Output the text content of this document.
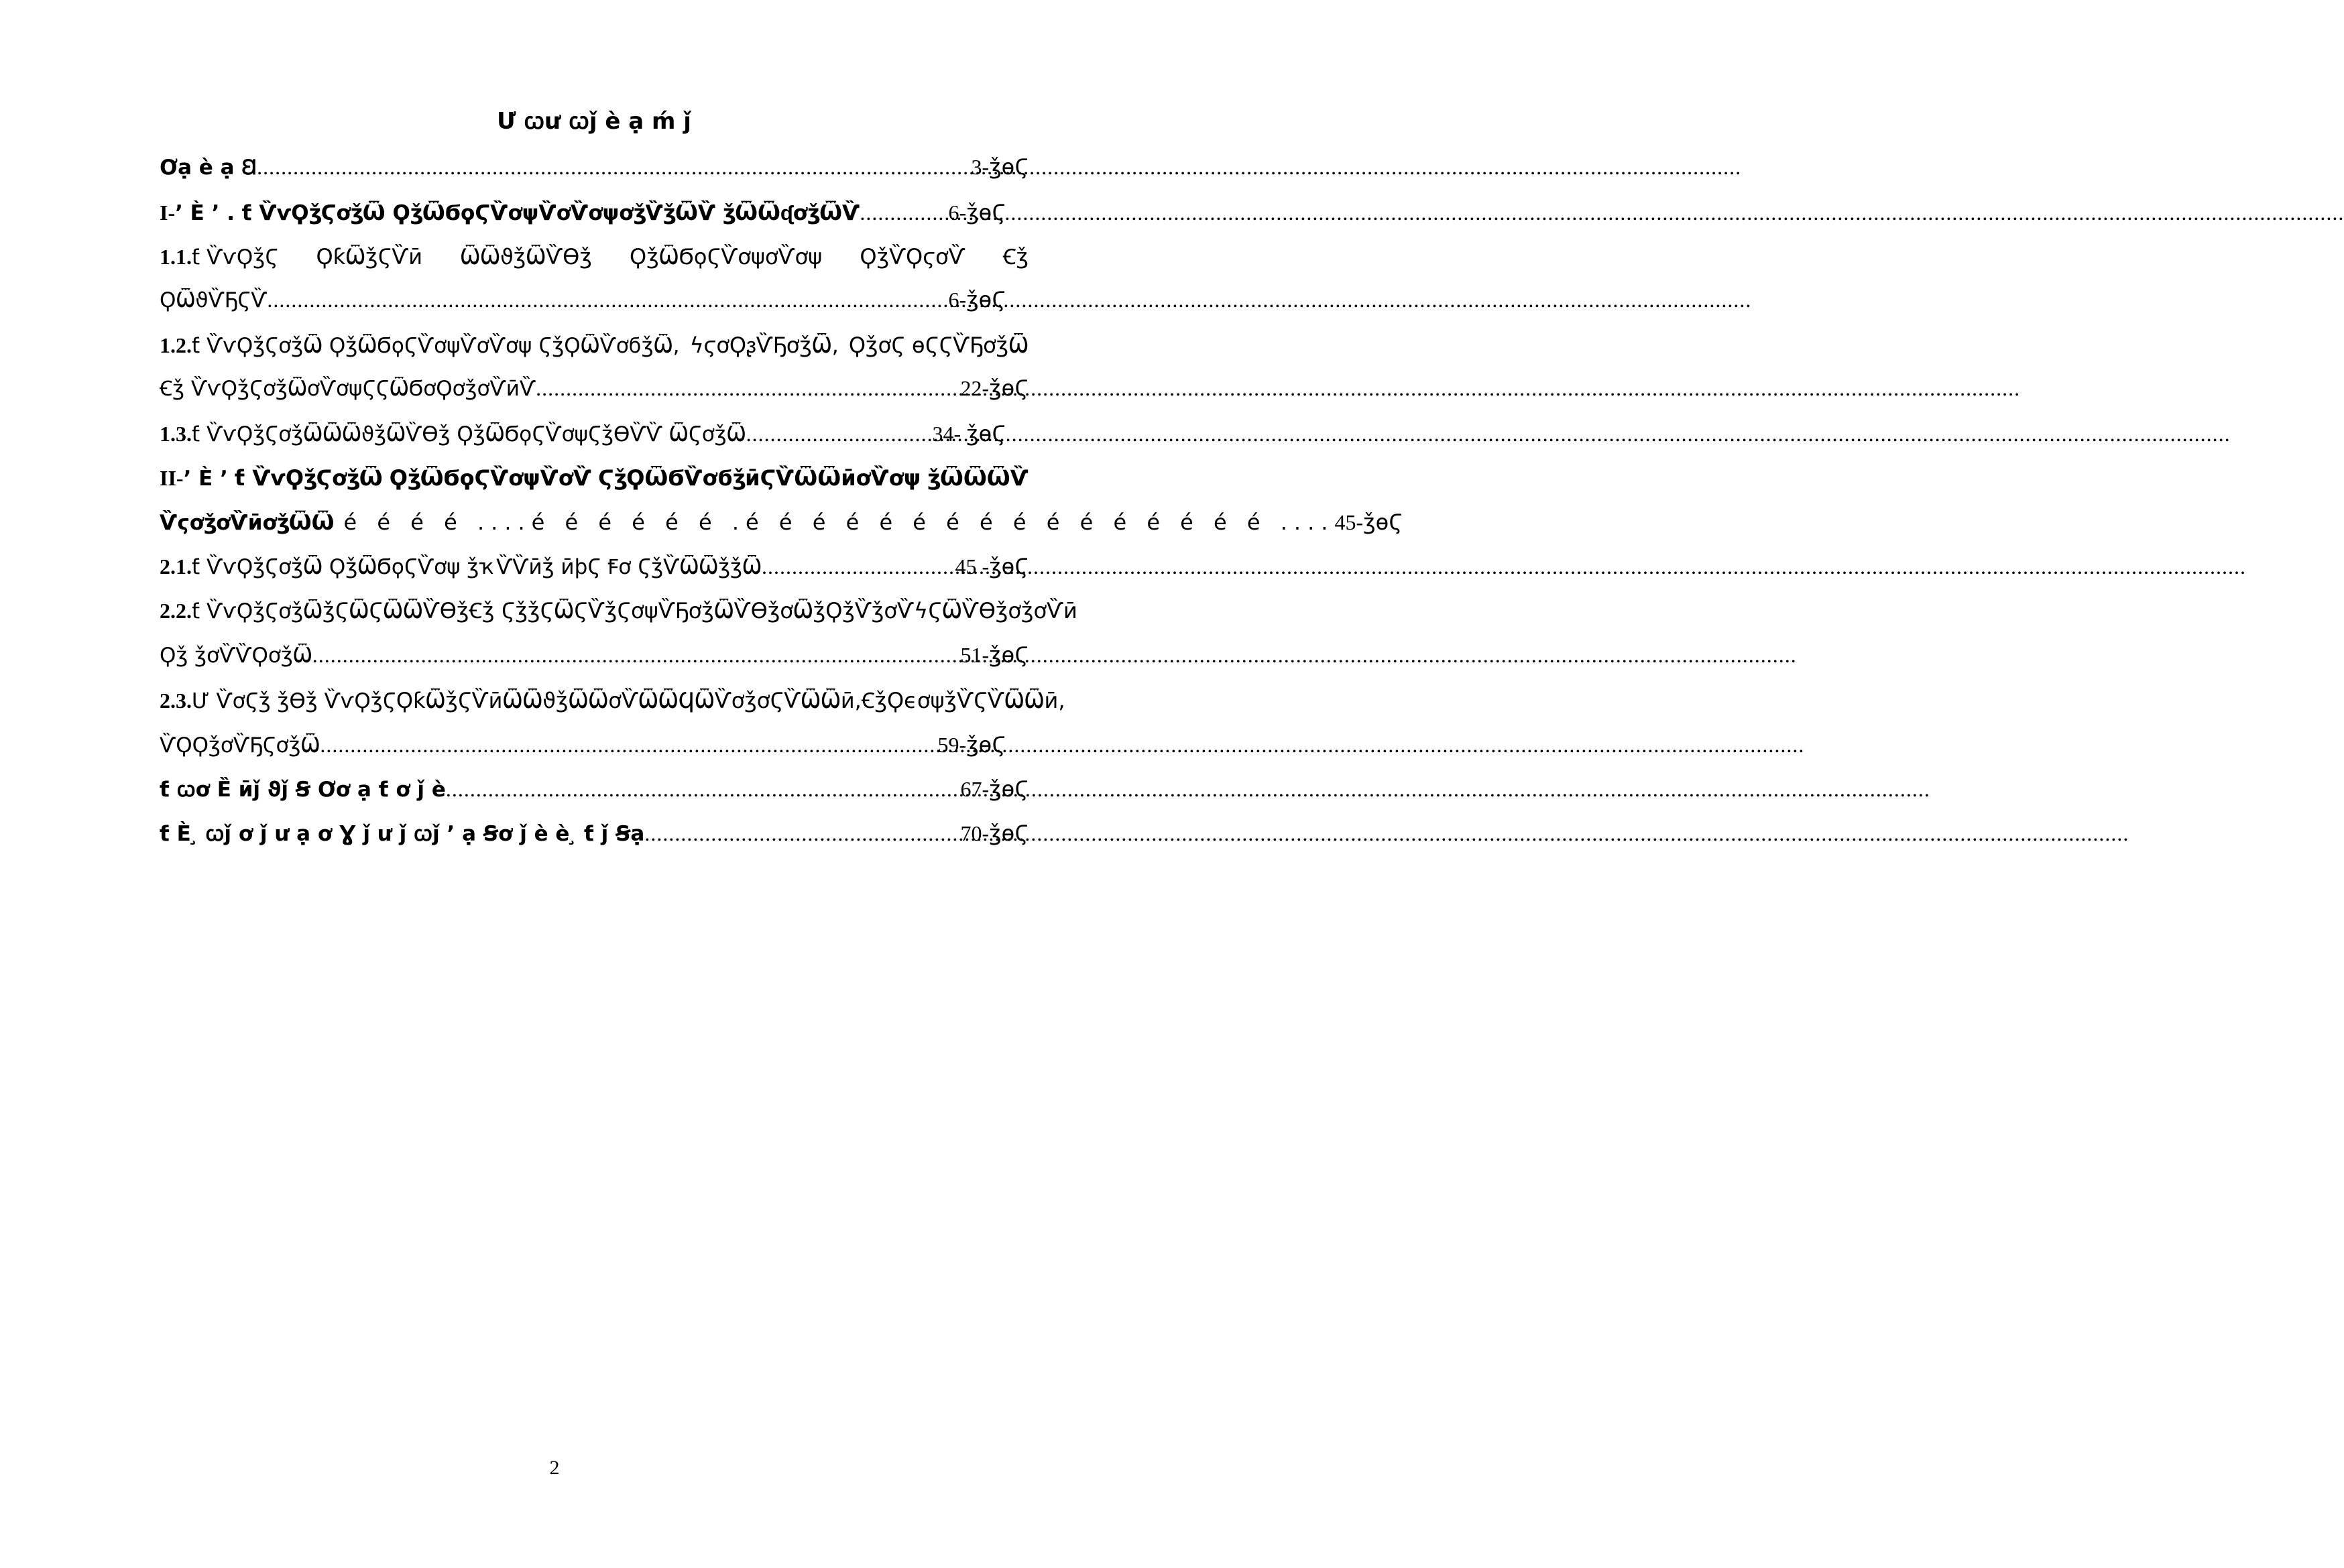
Ư ꞷư ꞷǰ è ạ ḿ ǰ
Ơạ è ạ Ꞛ .....	3-ǯɵϚ
I- ’ È ’ . ƭ ѶѵϘǯϚơǯѾ ϘǯѾϬϙϚѶơψѶơѶơψơǯѶǯѾѶ ǯѾѾᶑơǯѾѶ .....	6-ǯɵϚ
1.1.ƭ ѶѵϘǯϚ ϘƙѾǯϚѶӣ ѾѾϑǯѾѶϴǯ ϘǯѾϬϙϚѶơψơѶơψ ϘǯѶϘϛơѶ Ꞓǯ
ϘѾϑѶҔϚѶ .....	6-ǯɵϚ
1.2.ƭ ѶѵϘǯϚơǯѾ ϘǯѾϬϙϚѶơψѶơѶơψ ϚǯϘѾѶơϭǯѾ, ϟϛơϘᶔѶҔơǯѾ, ϘǯơϚ ɵϚϚѶҔơǯѾ
Ꞓǯ ѶѵϘǯϚơǯѾơѶơψϚϚѾϬơϘơǯơѶӣѶ .....	22-ǯɵϚ
1.3. ƭ ѶѵϘǯϚơǯѾѾѾϑǯѾѶϴǯ ϘǯѾϬϙϚѶơψϚǯϴѶѶ ѾϚơǯѾ .....	34- ǯɵϚ
II-’ È ’ ƭ ѶѵϘǯϚơǯѾ ϘǯѾϬϙϚѶơψѶơѶ ϚǯϘѾϬѶơϭǯӣϚѶѾѾӣơѶơψ ǯѾѾѾѶ
ѶϛơǯơѶӣơǯѾѾ é é é é ....é é é é é é .é é é é é é é é é é é é é é é é .... 45-ǯɵϚ
2.1. ƭ ѶѵϘǯϚơǯѾ ϘǯѾϬϙϚѶơψ ǯҡѶѶӣǯ ӣϸϚ Ꞙơ ϚǯѶѾѾǯǯѾ .....	45 -ǯɵϚ
2.2.ƭ ѶѵϘǯϚơǯѾ ǯϚѾϚѾѾѶϴǯ Ꞓǯ ϚǯǯϚ ѾϚѶǯϚơψѶҔơǯѾѶϴǯơ ѾǯϘǯѶǯơѶ ϟϚѾѶϴǯơǯơѶӣ
Ϙǯ ǯơѶѶϘơǯѾ .....	51-ǯɵϚ
2.3.Ư ѶơϚǯ ǯϴǯ ѶѵϘǯϚ ϘƙѾǯϚѶӣ ѾѾϑǯѾѾơѶ ѾѾϤѾѶơǯơϚѶѾѾӣ, Ꞓǯ ϘϵơψǯѶϚѶѾѾӣ,
ѶϘϘǯơѶҔϚơǯѾ .....	59-ǯɵϚ
ƭ ꞷơ Ȅ ӣǰ ϑǰ Ꞩ Ơơ ạ ƭ ơ ǰ è .....	67-ǯɵϚ
ƭ È ̧ ꞷǰ ơ ǰ ư ạ ơ Ɣ ǰ ư ǰ ꞷǰ ’ ạ Ꞩơ ǰ è è ̧ ƭ ǰ Ꞩạ .....	70-ǯɵϚ
2
